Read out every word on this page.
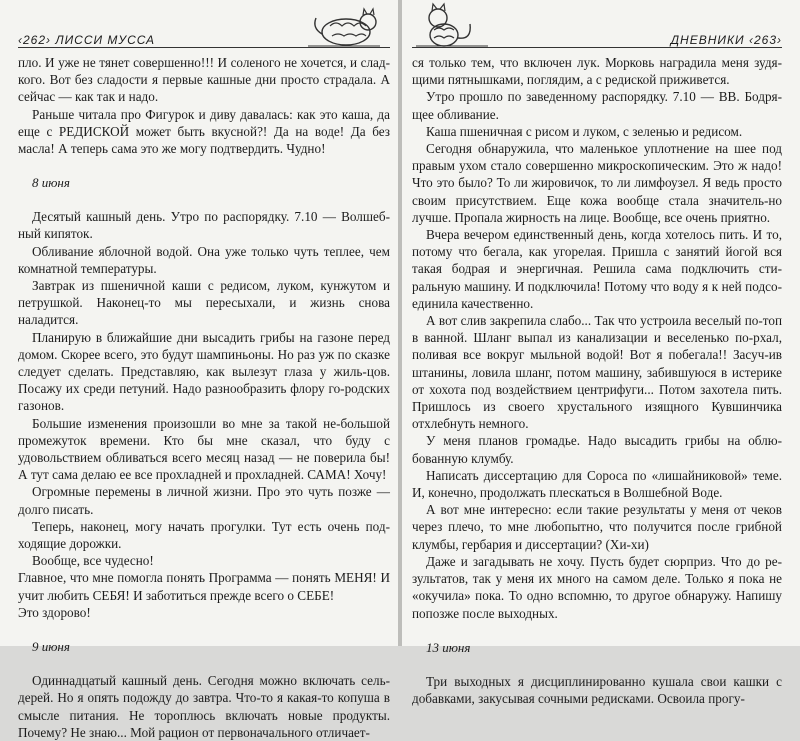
‹262› ЛИССИ МУССА

пло. И уже не тянет совершенно!!! И соленого не хочется, и слад-кого. Вот без сладости я первые кашные дни просто страдала. А сейчас — как так и надо.

Раньше читала про Фигурок и диву давалась: как это каша, да еще с РЕДИСКОЙ может быть вкусной?! Да на воде! Да без масла! А теперь сама это же могу подтвердить. Чудно!

8 июня

Десятый кашный день. Утро по распорядку. 7.10 — Волшеб-ный кипяток.

Обливание яблочной водой. Она уже только чуть теплее, чем комнатной температуры.

Завтрак из пшеничной каши с редисом, луком, кунжутом и петрушкой. Наконец-то мы пересыхали, и жизнь снова наладится.

Планирую в ближайшие дни высадить грибы на газоне перед домом. Скорее всего, это будут шампиньоны. Но раз уж по сказке следует сделать. Представляю, как вылезут глаза у жиль-цов. Посажу их среди петуний. Надо разнообразить флору го-родских газонов.

Большие изменения произошли во мне за такой не-большой промежуток времени. Кто бы мне сказал, что буду с удовольствием обливаться всего месяц назад — не поверила бы! А тут сама делаю ее все прохладней и прохладней. САМА! Хочу!

Огромные перемены в личной жизни. Про это чуть позже — долго писать.

Теперь, наконец, могу начать прогулки. Тут есть очень под-ходящие дорожки.

Вообще, все чудесно!

Главное, что мне помогла понять Программа — понять МЕНЯ! И учит любить СЕБЯ! И заботиться прежде всего о СЕБЕ!

Это здорово!

9 июня

Одиннадцатый кашный день. Сегодня можно включать сель-дерей. Но я опять подожду до завтра. Что-то я какая-то копуша в смысле питания. Не тороплюсь включать новые продукты. Почему? Не знаю... Мой рацион от первоначального отличает-

ДНЕВНИКИ ‹263›

ся только тем, что включен лук. Морковь наградила меня зудя-щими пятнышками, поглядим, а с редиской приживется.

Утро прошло по заведенному распорядку. 7.10 — ВВ. Бодря-щее обливание.

Каша пшеничная с рисом и луком, с зеленью и редисом.

Сегодня обнаружила, что маленькое уплотнение на шее под правым ухом стало совершенно микроскопическим. Это ж надо! Что это было? То ли жировичок, то ли лимфоузел. Я ведь просто своим присутствием. Еще кожа вообще стала значитель-но лучше. Пропала жирность на лице. Вообще, все очень приятно.

Вчера вечером единственный день, когда хотелось пить. И то, потому что бегала, как угорелая. Пришла с занятий йогой вся такая бодрая и энергичная. Решила сама подключить сти-ральную машину. И подключила! Потому что воду я к ней подсо-единила качественно.

А вот слив закрепила слабо... Так что устроила веселый по-топ в ванной. Шланг выпал из канализации и веселенько по-рхал, поливая все вокруг мыльной водой! Вот я побегала!! Засуч-ив штанины, ловила шланг, потом машину, забившуюся в истерике от хохота под воздействием центрифуги... Потом захотела пить. Пришлось из своего хрустального изящного Кувшинчика отхлебнуть немного.

У меня планов громадье. Надо высадить грибы на облю-бованную клумбу.

Написать диссертацию для Сороса по «лишайниковой» теме. И, конечно, продолжать плескаться в Волшебной Воде.

А вот мне интересно: если такие результаты у меня от чеков через плечо, то мне любопытно, что получится после грибной клумбы, гербария и диссертации? (Хи-хи)

Даже и загадывать не хочу. Пусть будет сюрприз. Что до ре-зультатов, так у меня их много на самом деле. Только я пока не «окучила» пока. То одно вспомню, то другое обнаружу. Напишу попозже после выходных.

13 июня

Три выходных я дисциплинированно кушала свои кашки с добавками, закусывая сочными редисками. Освоила прогу-
